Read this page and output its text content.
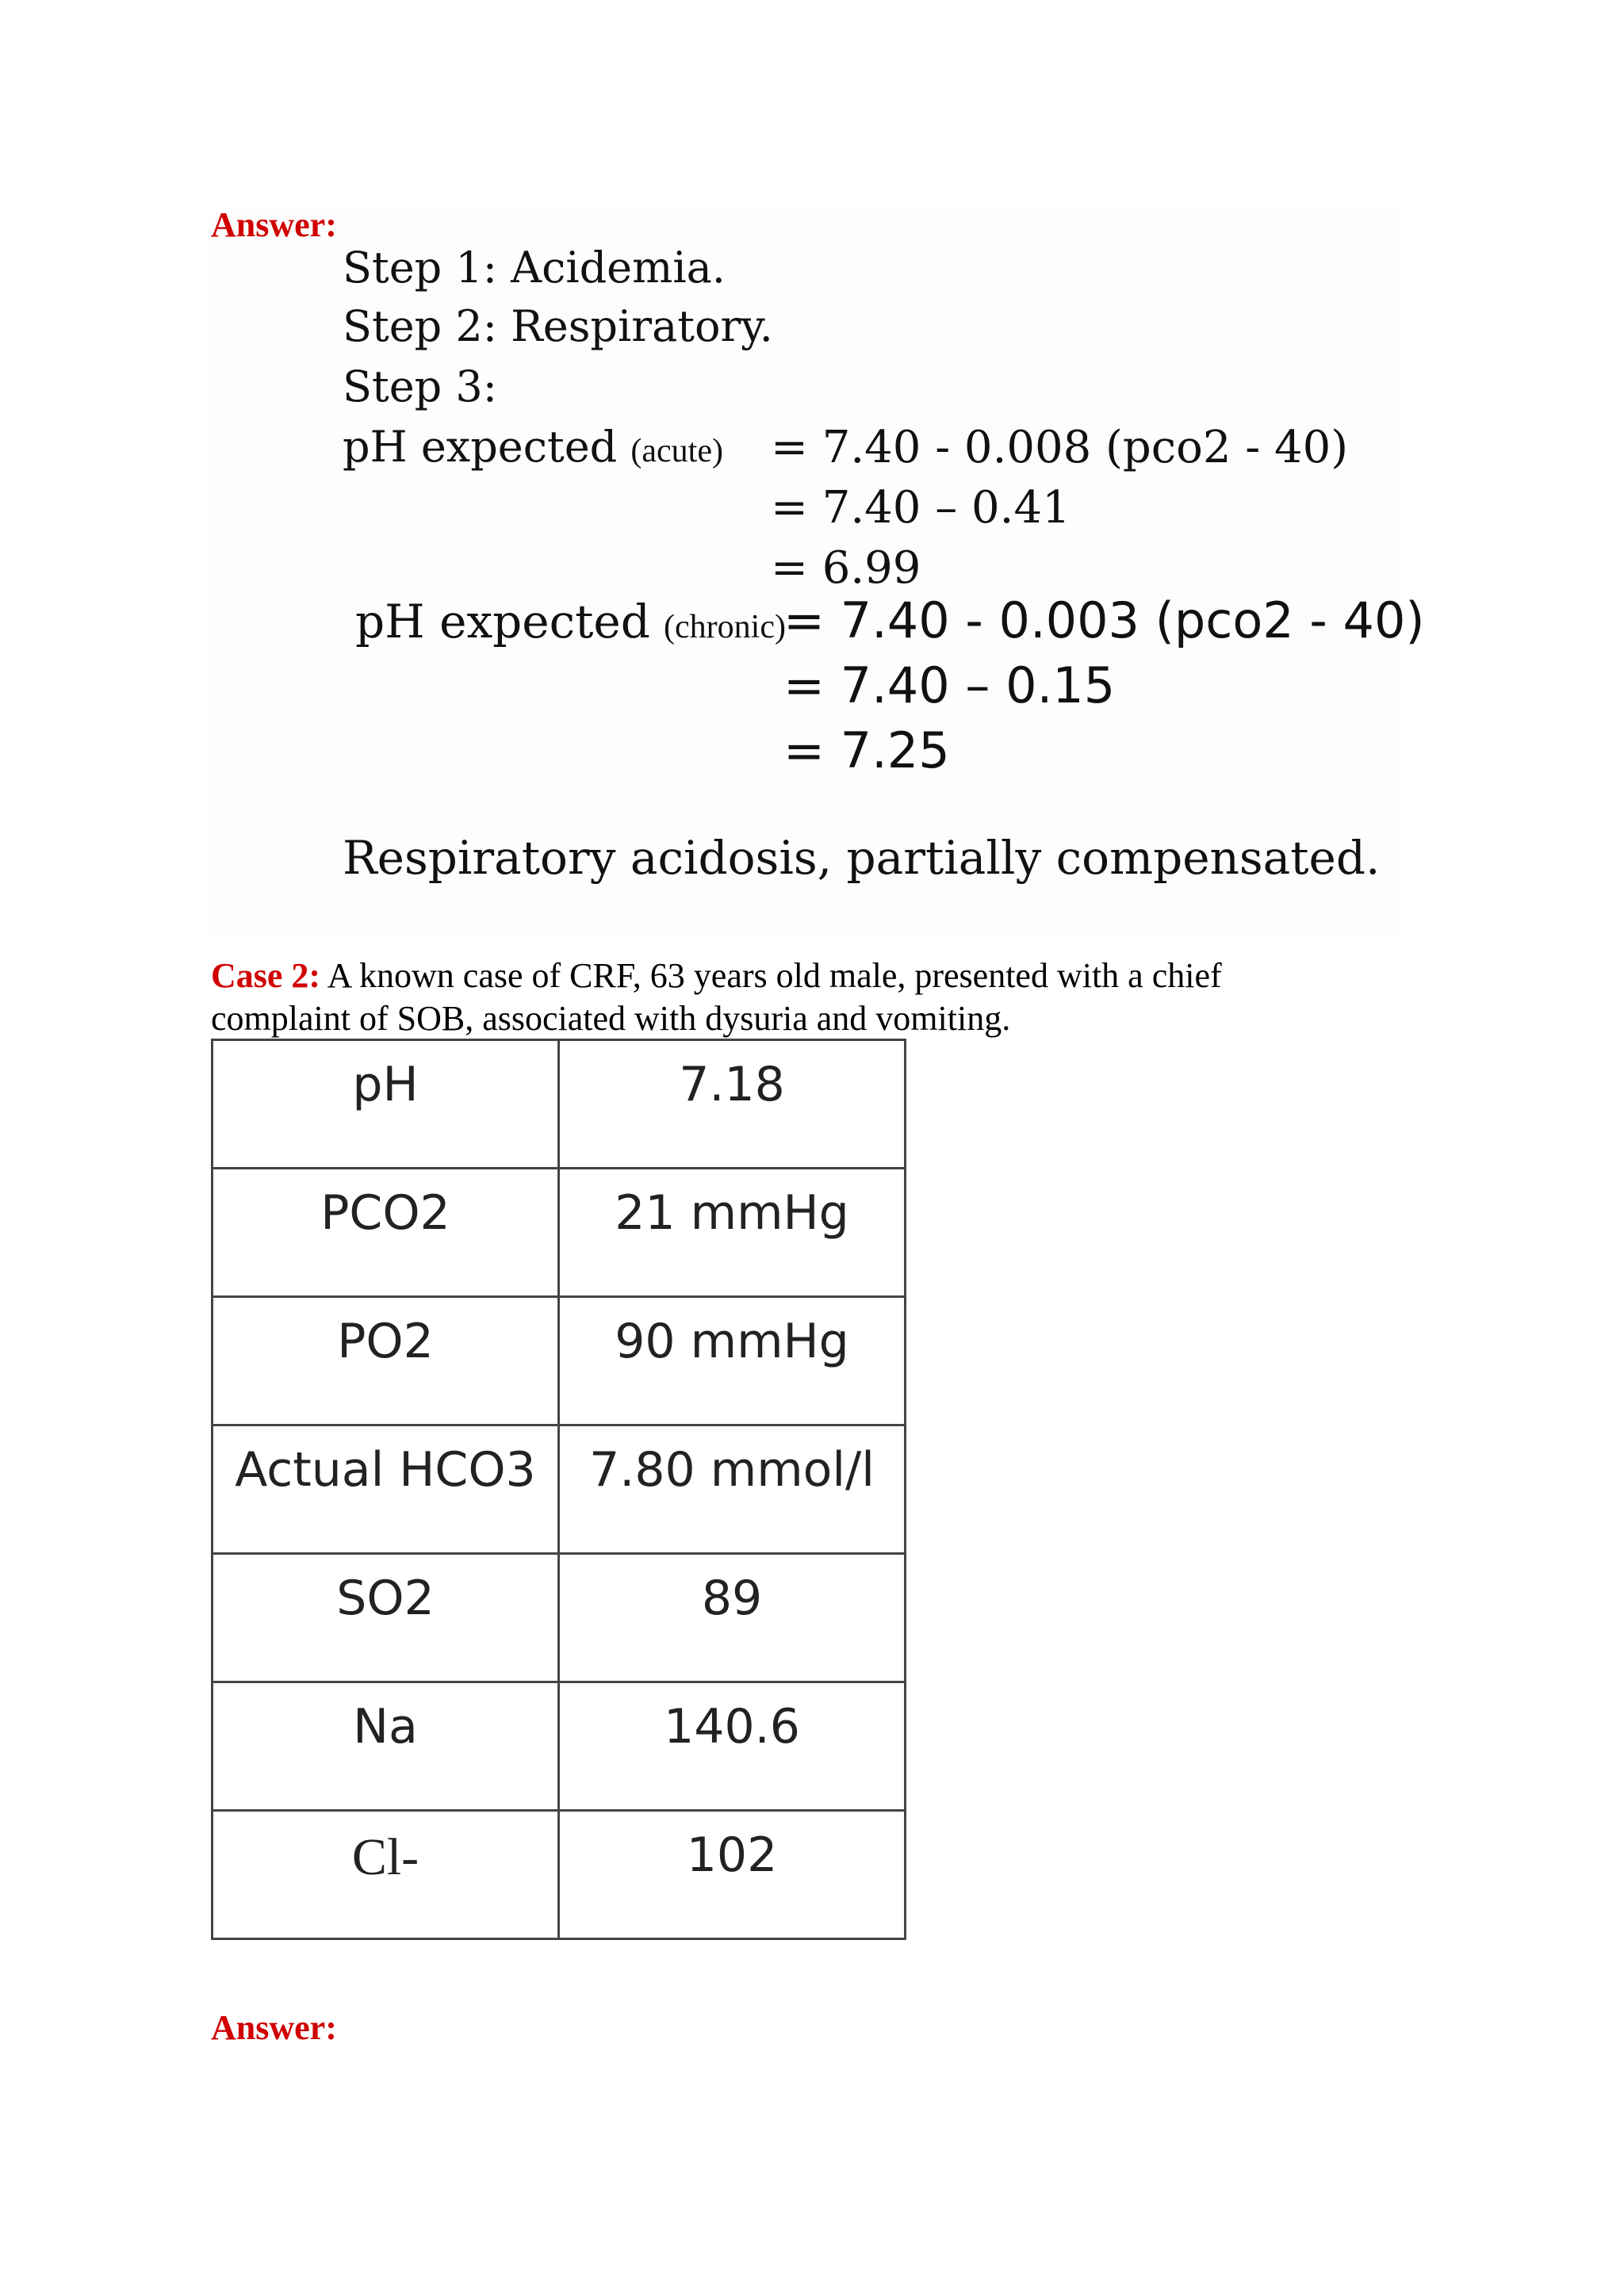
Answer:
Step 1: Acidemia.
Step 2: Respiratory.
Step 3:
pH expected (acute) = 7.40 - 0.008 (pco2 - 40)
= 7.40 – 0.41
= 6.99
pH expected (chronic)
= 7.40 - 0.003 (pco2 - 40)
= 7.40 – 0.15
= 7.25
Respiratory acidosis, partially compensated.
Case 2: A known case of CRF, 63 years old male, presented with a chief complaint of SOB, associated with dysuria and vomiting.
pH	7.18
PCO2	21 mmHg
PO2	90 mmHg
Actual HCO3	7.80 mmol/l
SO2	89
Na	140.6
Cl-	102
Answer:
